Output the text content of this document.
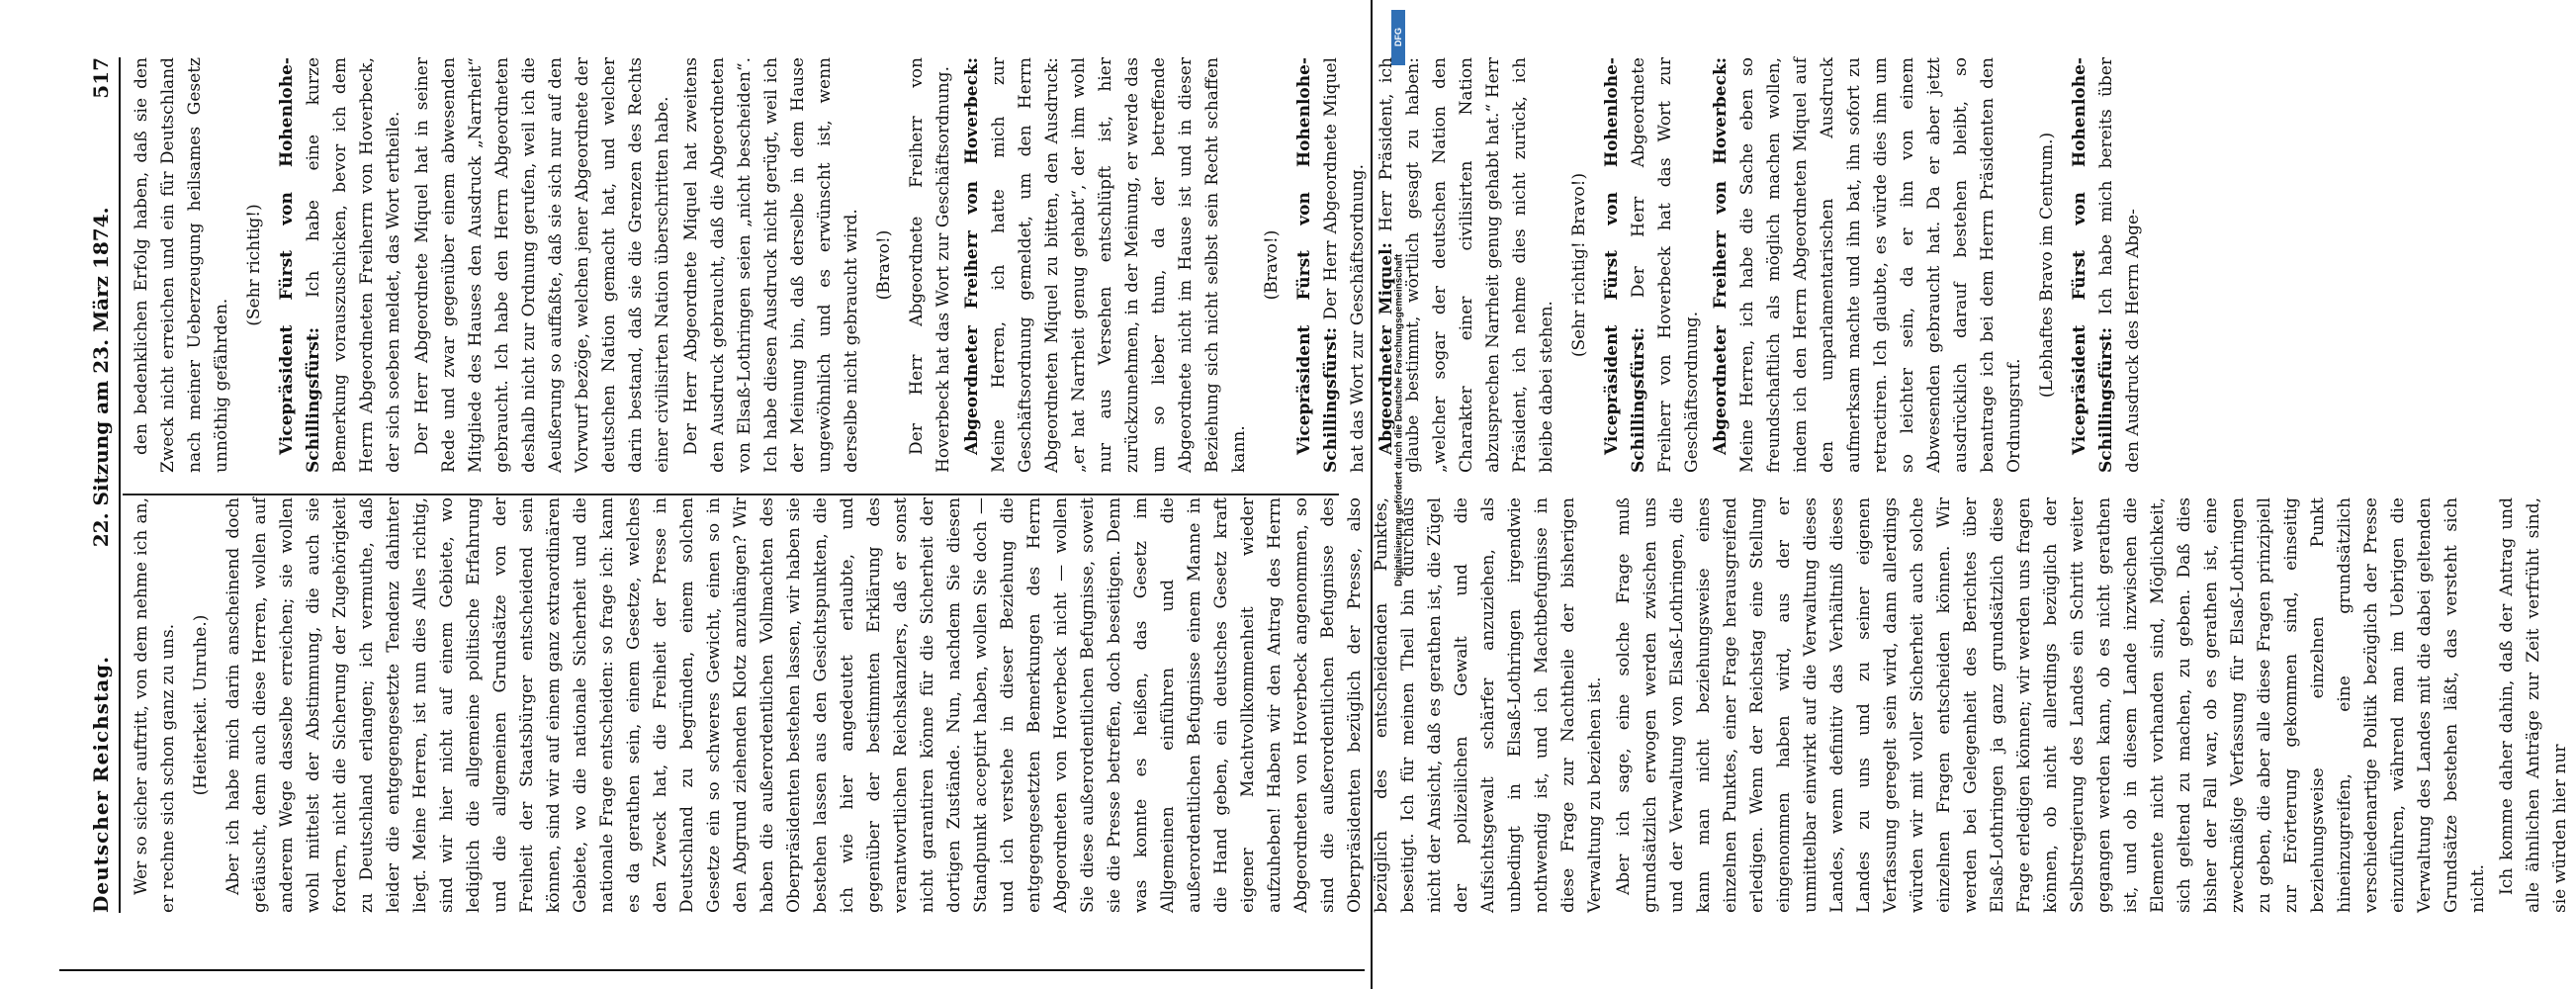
DFG
Digitalisierung gefördert durch die Deutsche Forschungsgemeinschaft
Deutscher Reichstag.
22. Sitzung am 23. März 1874.
517

Wer so sicher auftritt, von dem nehme ich an, er rechne sich schon ganz zu uns. (Heiterkeit. Unruhe.) Aber ich habe mich darin anscheinend doch getäuscht, denn auch diese Herren, wollen auf anderem Wege dasselbe erreichen; sie wollen wohl mittelst der Abstimmung, die auch sie fordern, nicht die Sicherung der Zugehörigkeit zu Deutschland erlangen; ich vermuthe, daß leider die entgegengesetzte Tendenz dahinter liegt. Meine Herren, ist nun dies Alles richtig, sind wir hier nicht auf einem Gebiete, wo lediglich die allgemeine politische Erfahrung und die allgemeinen Grundsätze von der Freiheit der Staatsbürger entscheidend sein können, sind wir auf einem ganz extraordinären Gebiete, wo die nationale Sicherheit und die nationale Frage entscheiden: so frage ich: kann es da gerathen sein, einem Gesetze, welches den Zweck hat, die Freiheit der Presse in Deutschland zu begründen, einem solchen Gesetze ein so schweres Gewicht, einen so in den Abgrund ziehenden Klotz anzuhängen? Wir haben die außerordentlichen Vollmachten des Oberpräsidenten bestehen lassen, wir haben sie bestehen lassen aus den Gesichtspunkten, die ich wie hier angedeutet erlaubte, und gegenüber der bestimmten Erklärung des verantwortlichen Reichskanzlers, daß er sonst nicht garantiren könne für die Sicherheit der dortigen Zustände. Nun, nachdem Sie diesen Standpunkt acceptirt haben, wollen Sie doch — und ich verstehe in dieser Beziehung die entgegengesetzten Bemerkungen des Herrn Abgeordneten von Hoverbeck nicht — wollen Sie diese außerordentlichen Befugnisse, soweit sie die Presse betreffen, doch beseitigen. Denn was konnte es heißen, das Gesetz im Allgemeinen einführen und die außerordentlichen Befugnisse einem Manne in die Hand geben, ein deutsches Gesetz kraft eigener Machtvollkommenheit wieder aufzuheben! Haben wir den Antrag des Herrn Abgeordneten von Hoverbeck angenommen, so sind die außerordentlichen Befugnisse des Oberpräsidenten bezüglich der Presse, also bezüglich des entscheidenden Punktes, beseitigt. Ich für meinen Theil bin durchaus nicht der Ansicht, daß es gerathen ist, die Zügel der polizeilichen Gewalt und die Aufsichtsgewalt schärfer anzuziehen, als unbedingt in Elsaß-Lothringen irgendwie nothwendig ist, und ich Machtbefugnisse in diese Frage zur Nachtheile der bisherigen Verwaltung zu beziehen ist. Aber ich sage, eine solche Frage muß grundsätzlich erwogen werden zwischen uns und der Verwaltung von Elsaß-Lothringen, die kann man nicht beziehungsweise eines einzelnen Punktes, einer Frage herausgreifend erledigen. Wenn der Reichstag eine Stellung eingenommen haben wird, aus der er unmittelbar einwirkt auf die Verwaltung dieses Landes, wenn definitiv das Verhältniß dieses Landes zu uns und zu seiner eigenen Verfassung geregelt sein wird, dann allerdings würden wir mit voller Sicherheit auch solche einzelnen Fragen entscheiden können. Wir werden bei Gelegenheit des Berichtes über Elsaß-Lothringen ja ganz grundsätzlich diese Frage erledigen können; wir werden uns fragen können, ob nicht allerdings bezüglich der Selbstregierung des Landes ein Schritt weiter gegangen werden kann, ob es nicht gerathen ist, und ob in diesem Lande inzwischen die Elemente nicht vorhanden sind, Möglichkeit, sich geltend zu machen, zu geben. Daß dies bisher der Fall war, ob es gerathen ist, eine zweckmäßige Verfassung für Elsaß-Lothringen zu geben, die aber alle diese Fragen prinzipiell zur Erörterung gekommen sind, einseitig beziehungsweise einzelnen Punkt hineinzugreifen, eine grundsätzlich verschiedenartige Politik bezüglich der Presse einzuführen, während man im Uebrigen die Verwaltung des Landes mit die dabei geltenden Grundsätze bestehen läßt, das versteht sich nicht. Ich komme daher dahin, daß der Antrag und alle ähnlichen Anträge zur Zeit verfrüht sind, sie würden hier nur

den bedenklichen Erfolg haben, daß sie den Zweck nicht erreichen und ein für Deutschland nach meiner Ueberzeugung heilsames Gesetz unnöthig gefährden.

(Sehr richtig!) Vicepräsident Fürst von Hohenlohe-Schillingsfürst: Ich habe eine kurze Bemerkung vorauszuschicken, bevor ich dem Herrn Abgeordneten Freiherrn von Hoverbeck, der sich soeben meldet, das Wort ertheile. Der Herr Abgeordnete Miquel hat in seiner Rede und zwar gegenüber einem abwesenden Mitgliede des Hauses den Ausdruck „Narrheit“ gebraucht. Ich habe den Herrn Abgeordneten deshalb nicht zur Ordnung gerufen, weil ich die Aeußerung so auffaßte, daß sie sich nur auf den Vorwurf bezöge, welchen jener Abgeordnete der deutschen Nation gemacht hat, und welcher darin bestand, daß sie die Grenzen des Rechts einer civilisirten Nation überschritten habe. Der Herr Abgeordnete Miquel hat zweitens den Ausdruck gebraucht, daß die Abgeordneten von Elsaß-Lothringen seien „nicht bescheiden“. Ich habe diesen Ausdruck nicht gerügt, weil ich der Meinung bin, daß derselbe in dem Hause ungewöhnlich und es erwünscht ist, wenn derselbe nicht gebraucht wird. (Bravo!) Der Herr Abgeordnete Freiherr von Hoverbeck hat das Wort zur Geschäftsordnung. Abgeordneter Freiherr von Hoverbeck: Meine Herren, ich hatte mich zur Geschäftsordnung gemeldet, um den Herrn Abgeordneten Miquel zu bitten, den Ausdruck: „er hat Narrheit genug gehabt“, der ihm wohl nur aus Versehen entschlüpft ist, hier zurückzunehmen, in der Meinung, er werde das um so lieber thun, da der betreffende Abgeordnete nicht im Hause ist und in dieser Beziehung sich nicht selbst sein Recht schaffen kann.

(Bravo!) Vicepräsident Fürst von Hohenlohe-Schillingsfürst: Der Herr Abgeordnete Miquel hat das Wort zur Geschäftsordnung. Abgeordneter Miquel: Herr Präsident, ich glaube bestimmt, wörtlich gesagt zu haben: „welcher sogar der deutschen Nation den Charakter einer civilisirten Nation abzusprechen Narrheit genug gehabt hat.“ Herr Präsident, ich nehme dies nicht zurück, ich bleibe dabei stehen.

(Sehr richtig! Bravo!) Vicepräsident Fürst von Hohenlohe-Schillingsfürst: Der Herr Abgeordnete Freiherr von Hoverbeck hat das Wort zur Geschäftsordnung. Abgeordneter Freiherr von Hoverbeck: Meine Herren, ich habe die Sache eben so freundschaftlich als möglich machen wollen, indem ich den Herrn Abgeordneten Miquel auf den unparlamentarischen Ausdruck aufmerksam machte und ihn bat, ihn sofort zu retractiren. Ich glaubte, es würde dies ihm um so leichter sein, da er ihn von einem Abwesenden gebraucht hat. Da er aber jetzt ausdrücklich darauf bestehen bleibt, so beantrage ich bei dem Herrn Präsidenten den Ordnungsruf.

(Lebhaftes Bravo im Centrum.) Vicepräsident Fürst von Hohenlohe-Schillingsfürst: Ich habe mich bereits über den Ausdruck des Herrn Abge-
